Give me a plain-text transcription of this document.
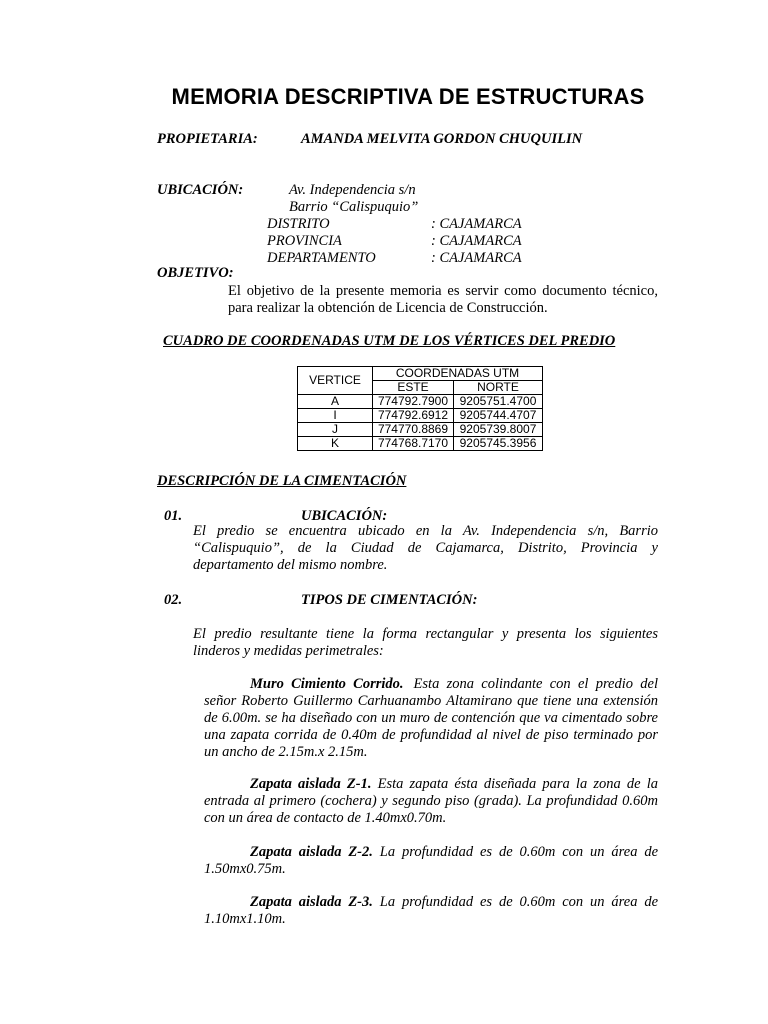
MEMORIA DESCRIPTIVA DE ESTRUCTURAS
PROPIETARIA:	AMANDA MELVITA GORDON CHUQUILIN
UBICACIÓN:	Av. Independencia s/n
Barrio “Calispuquio”
DISTRITO	: CAJAMARCA
PROVINCIA	: CAJAMARCA
DEPARTAMENTO	: CAJAMARCA
OBJETIVO:
El objetivo de la presente memoria es servir como documento técnico, para realizar la obtención de Licencia de Construcción.
CUADRO DE COORDENADAS UTM DE LOS VÉRTICES DEL PREDIO
VERTICE	COORDENADAS UTM	
	ESTE	NORTE
A	774792.7900	9205751.4700
I	774792.6912	9205744.4707
J	774770.8869	9205739.8007
K	774768.7170	9205745.3956
DESCRIPCIÓN DE LA CIMENTACIÓN
01.	UBICACIÓN:
El predio se encuentra ubicado en la Av. Independencia s/n, Barrio “Calispuquio”, de la Ciudad de Cajamarca, Distrito, Provincia y departamento del mismo nombre.
02.	TIPOS DE CIMENTACIÓN:
El predio resultante tiene la forma rectangular y presenta los siguientes linderos y medidas perimetrales:
Muro Cimiento Corrido. Esta zona colindante con el predio del señor Roberto Guillermo Carhuanambo Altamirano que tiene una extensión de 6.00m. se ha diseñado con un muro de contención que va cimentado sobre una zapata corrida de 0.40m de profundidad al nivel de piso terminado por un ancho de 2.15m.x 2.15m.
Zapata aislada Z-1. Esta zapata ésta diseñada para la zona de la entrada al primero (cochera) y segundo piso (grada). La profundidad 0.60m con un área de contacto de 1.40mx0.70m.
Zapata aislada Z-2. La profundidad es de 0.60m con un área de 1.50mx0.75m.
Zapata aislada Z-3. La profundidad es de 0.60m con un área de 1.10mx1.10m.
